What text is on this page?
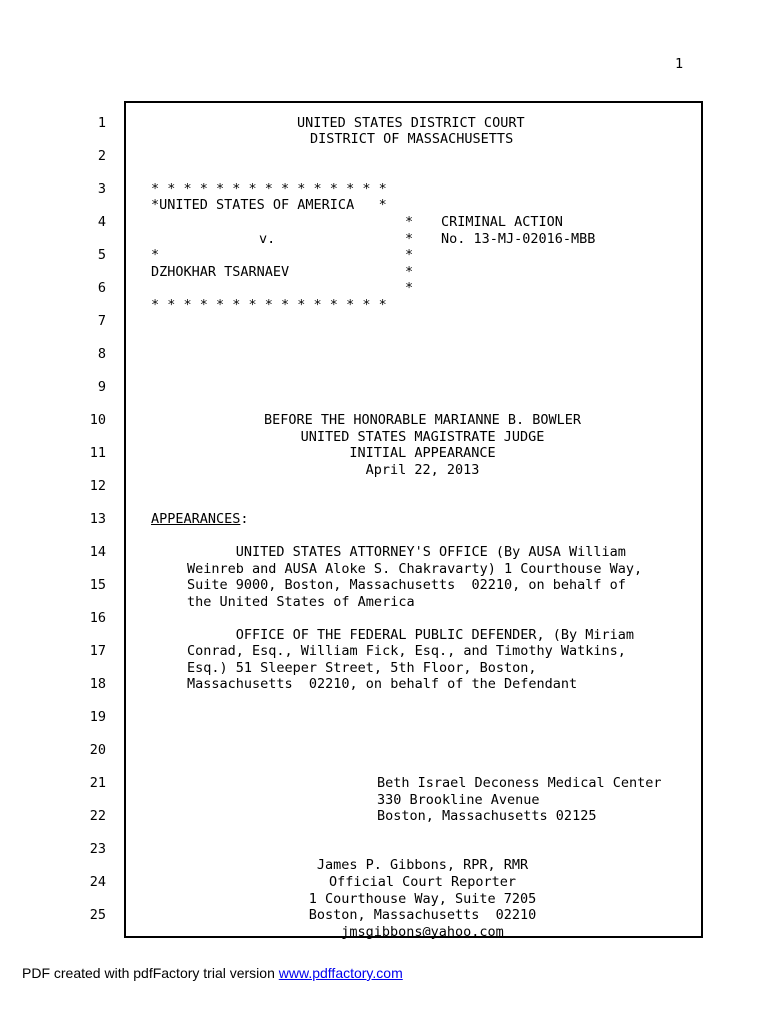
1
1
2
3
4
5
6
7
8
9
10
11
12
13
14
15
16
17
18
19
20
21
22
23
24
25
UNITED STATES DISTRICT COURT
DISTRICT OF MASSACHUSETTS
* * * * * * * * * * * * * * *
*UNITED STATES OF AMERICA   *
* CRIMINAL ACTION
v.	* No. 13-MJ-02016-MBB
*	*
DZHOKHAR TSARNAEV	*
*
* * * * * * * * * * * * * * *
BEFORE THE HONORABLE MARIANNE B. BOWLER
UNITED STATES MAGISTRATE JUDGE
INITIAL APPEARANCE
April 22, 2013
APPEARANCES:
UNITED STATES ATTORNEY'S OFFICE (By AUSA William
Weinreb and AUSA Aloke S. Chakravarty) 1 Courthouse Way,
Suite 9000, Boston, Massachusetts  02210, on behalf of
the United States of America
OFFICE OF THE FEDERAL PUBLIC DEFENDER, (By Miriam
Conrad, Esq., William Fick, Esq., and Timothy Watkins,
Esq.) 51 Sleeper Street, 5th Floor, Boston,
Massachusetts  02210, on behalf of the Defendant
Beth Israel Deconess Medical Center
330 Brookline Avenue
Boston, Massachusetts 02125
James P. Gibbons, RPR, RMR
Official Court Reporter
1 Courthouse Way, Suite 7205
Boston, Massachusetts  02210
jmsgibbons@yahoo.com
PDF created with pdfFactory trial version www.pdffactory.com
